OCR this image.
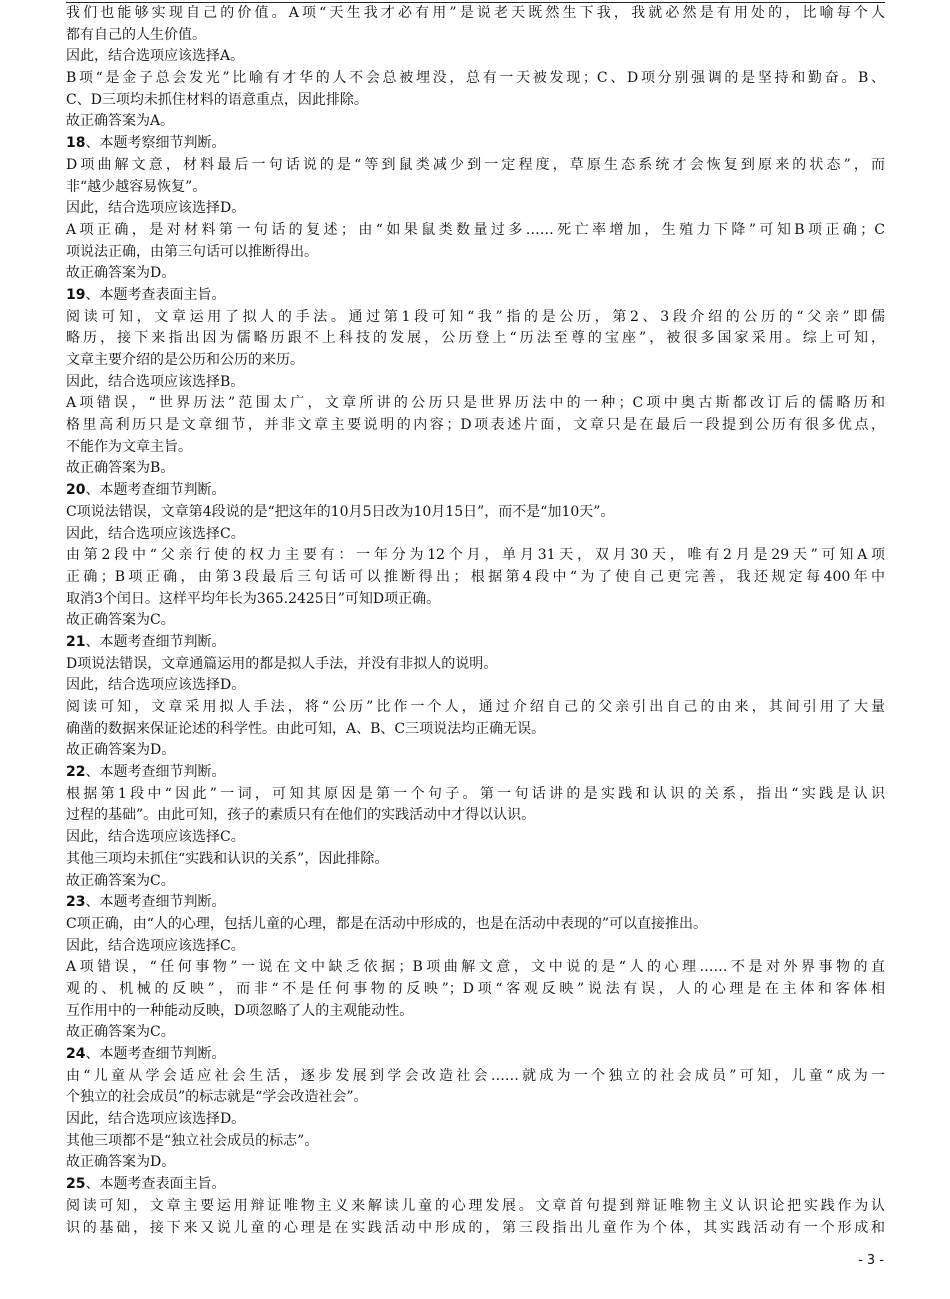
我们也能够实现自己的价值。A项“天生我才必有用”是说老天既然生下我，我就必然是有用处的，比喻每个人
都有自己的人生价值。
因此，结合选项应该选择A。
B项“是金子总会发光”比喻有才华的人不会总被埋没，总有一天被发现；C、D项分别强调的是坚持和勤奋。B、
C、D三项均未抓住材料的语意重点，因此排除。
故正确答案为A。
18、本题考察细节判断。
D项曲解文意，材料最后一句话说的是“等到鼠类减少到一定程度，草原生态系统才会恢复到原来的状态”，而
非“越少越容易恢复”。
因此，结合选项应该选择D。
A项正确，是对材料第一句话的复述；由“如果鼠类数量过多……死亡率增加，生殖力下降”可知B项正确；C
项说法正确，由第三句话可以推断得出。
故正确答案为D。
19、本题考查表面主旨。
阅读可知，文章运用了拟人的手法。通过第1段可知“我”指的是公历，第2、3段介绍的公历的“父亲”即儒
略历，接下来指出因为儒略历跟不上科技的发展，公历登上“历法至尊的宝座”，被很多国家采用。综上可知，
文章主要介绍的是公历和公历的来历。
因此，结合选项应该选择B。
A项错误，“世界历法”范围太广，文章所讲的公历只是世界历法中的一种；C项中奥古斯都改订后的儒略历和
格里高利历只是文章细节，并非文章主要说明的内容；D项表述片面，文章只是在最后一段提到公历有很多优点，
不能作为文章主旨。
故正确答案为B。
20、本题考查细节判断。
C项说法错误，文章第4段说的是“把这年的10月5日改为10月15日”，而不是“加10天”。
因此，结合选项应该选择C。
由第2段中“父亲行使的权力主要有：一年分为12个月，单月31天，双月30天，唯有2月是29天”可知A项
正确；B项正确，由第3段最后三句话可以推断得出；根据第4段中“为了使自己更完善，我还规定每400年中
取消3个闰日。这样平均年长为365.2425日”可知D项正确。
故正确答案为C。
21、本题考查细节判断。
D项说法错误，文章通篇运用的都是拟人手法，并没有非拟人的说明。
因此，结合选项应该选择D。
阅读可知，文章采用拟人手法，将“公历”比作一个人，通过介绍自己的父亲引出自己的由来，其间引用了大量
确凿的数据来保证论述的科学性。由此可知，A、B、C三项说法均正确无误。
故正确答案为D。
22、本题考查细节判断。
根据第1段中“因此”一词，可知其原因是第一个句子。第一句话讲的是实践和认识的关系，指出“实践是认识
过程的基础”。由此可知，孩子的素质只有在他们的实践活动中才得以认识。
因此，结合选项应该选择C。
其他三项均未抓住“实践和认识的关系”，因此排除。
故正确答案为C。
23、本题考查细节判断。
C项正确，由“人的心理，包括儿童的心理，都是在活动中形成的，也是在活动中表现的”可以直接推出。
因此，结合选项应该选择C。
A项错误，“任何事物”一说在文中缺乏依据；B项曲解文意，文中说的是“人的心理……不是对外界事物的直
观的、机械的反映”，而非“不是任何事物的反映”；D项“客观反映”说法有误，人的心理是在主体和客体相
互作用中的一种能动反映，D项忽略了人的主观能动性。
故正确答案为C。
24、本题考查细节判断。
由“儿童从学会适应社会生活，逐步发展到学会改造社会……就成为一个独立的社会成员”可知，儿童“成为一
个独立的社会成员”的标志就是“学会改造社会”。
因此，结合选项应该选择D。
其他三项都不是“独立社会成员的标志”。
故正确答案为D。
25、本题考查表面主旨。
阅读可知，文章主要运用辩证唯物主义来解读儿童的心理发展。文章首句提到辩证唯物主义认识论把实践作为认
识的基础，接下来又说儿童的心理是在实践活动中形成的，第三段指出儿童作为个体，其实践活动有一个形成和
- 3 -
